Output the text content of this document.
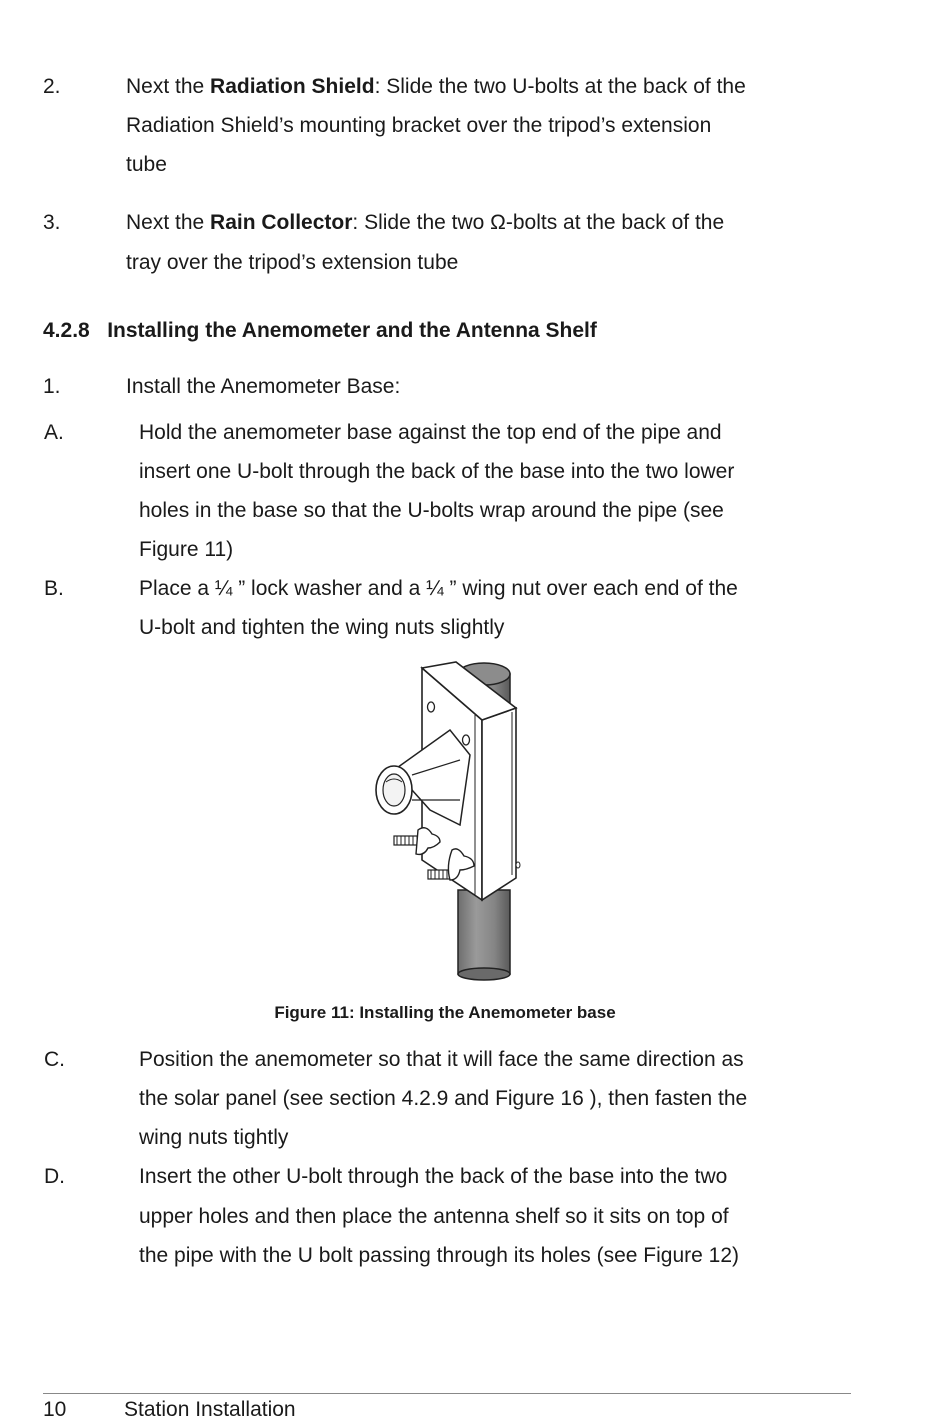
2.	Next the Radiation Shield: Slide the two U-bolts at the back of the
Radiation Shield’s mounting bracket over the tripod’s extension
tube
3.	Next the Rain Collector: Slide the two Ω-bolts at the back of the
tray over the tripod’s extension tube
4.2.8   Installing the Anemometer and the Antenna Shelf
1.	Install the Anemometer Base:
A.	Hold the anemometer base against the top end of the pipe and
insert one U-bolt through the back of the base into the two lower
holes in the base so that the U-bolts wrap around the pipe (see
Figure 11)
B.	Place a ¼ ” lock washer and a ¼ ” wing nut over each end of the
U-bolt and tighten the wing nuts slightly
Figure 11: Installing the Anemometer base
C.	Position the anemometer so that it will face the same direction as
the solar panel (see section 4.2.9 and Figure 16 ), then fasten the
wing nuts tightly
D.	Insert the other U-bolt through the back of the base into the two
upper holes and then place the antenna shelf so it sits on top of
the pipe with the U bolt passing through its holes (see Figure 12)
10	Station Installation
